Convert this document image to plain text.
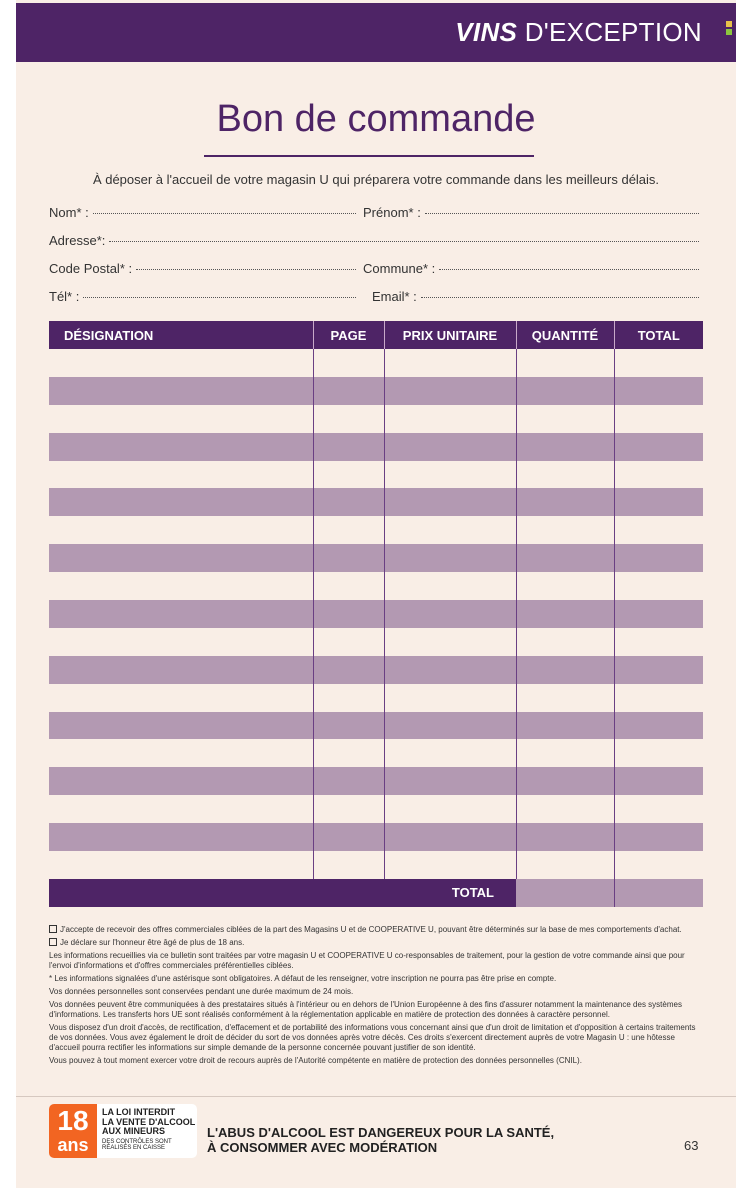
VINS D'EXCEPTION
Bon de commande
À déposer à l'accueil de votre magasin U qui préparera votre commande dans les meilleurs délais.
Nom* :	Prénom* :
Adresse*:
Code Postal* :	Commune* :
Tél* :	Email* :
DÉSIGNATION	PAGE	PRIX UNITAIRE	QUANTITÉ	TOTAL

TOTAL				

J'accepte de recevoir des offres commerciales ciblées de la part des Magasins U et de COOPERATIVE U, pouvant être déterminés sur la base de mes comportements d'achat.

Je déclare sur l'honneur être âgé de plus de 18 ans.

Les informations recueillies via ce bulletin sont traitées par votre magasin U et COOPERATIVE U co-responsables de traitement, pour la gestion de votre commande ainsi que pour l'envoi d'informations et d'offres commerciales préférentielles ciblées.

* Les informations signalées d'une astérisque sont obligatoires. A défaut de les renseigner, votre inscription ne pourra pas être prise en compte.

Vos données personnelles sont conservées pendant une durée maximum de 24 mois.

Vos données peuvent être communiquées à des prestataires situés à l'intérieur ou en dehors de l'Union Européenne à des fins d'assurer notamment la maintenance des systèmes d'informations. Les transferts hors UE sont réalisés conformément à la réglementation applicable en matière de protection des données à caractère personnel.

Vous disposez d'un droit d'accès, de rectification, d'effacement et de portabilité des informations vous concernant ainsi que d'un droit de limitation et d'opposition à certains traitements de vos données. Vous avez également le droit de décider du sort de vos données après votre décès. Ces droits s'exercent directement auprès de votre Magasin U : une hôtesse d'accueil pourra rectifier les informations sur simple demande de la personne concernée pouvant justifier de son identité.

Vous pouvez à tout moment exercer votre droit de recours auprès de l'Autorité compétente en matière de protection des données personnelles (CNIL).

18
ans
LA LOI INTERDIT
LA VENTE D'ALCOOL
AUX MINEURS
DES CONTRÔLES SONT
RÉALISÉS EN CAISSE
L'ABUS D'ALCOOL EST DANGEREUX POUR LA SANTÉ,
À CONSOMMER AVEC MODÉRATION	63
